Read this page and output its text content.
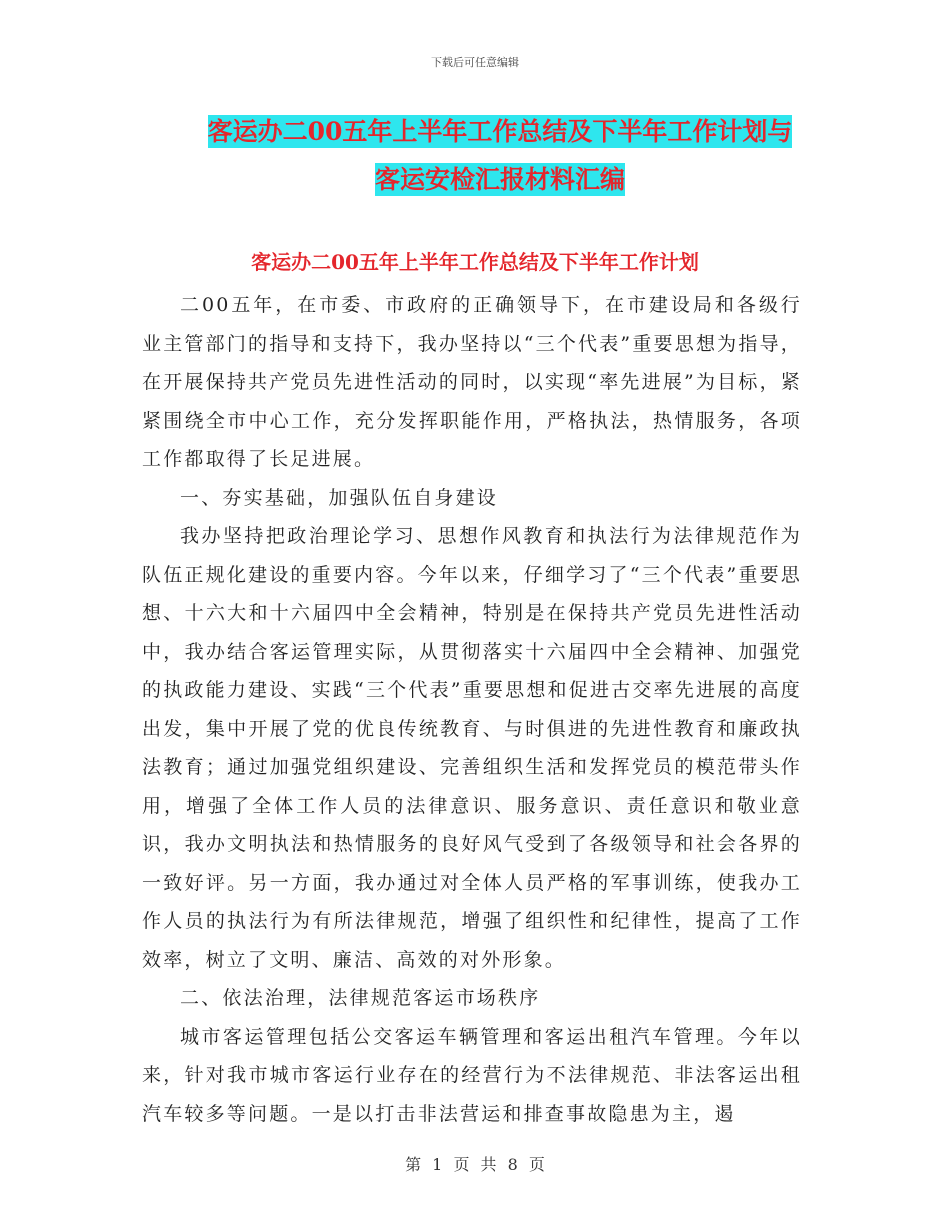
下载后可任意编辑
客运办二00五年上半年工作总结及下半年工作计划与
客运安检汇报材料汇编
客运办二00五年上半年工作总结及下半年工作计划

二00五年，在市委、市政府的正确领导下，在市建设局和各级行业主管部门的指导和支持下，我办坚持以“三个代表”重要思想为指导，在开展保持共产党员先进性活动的同时，以实现“率先进展”为目标，紧紧围绕全市中心工作，充分发挥职能作用，严格执法，热情服务，各项工作都取得了长足进展。

一、夯实基础，加强队伍自身建设

我办坚持把政治理论学习、思想作风教育和执法行为法律规范作为队伍正规化建设的重要内容。今年以来，仔细学习了“三个代表”重要思想、十六大和十六届四中全会精神，特别是在保持共产党员先进性活动中，我办结合客运管理实际，从贯彻落实十六届四中全会精神、加强党的执政能力建设、实践“三个代表”重要思想和促进古交率先进展的高度出发，集中开展了党的优良传统教育、与时俱进的先进性教育和廉政执法教育；通过加强党组织建设、完善组织生活和发挥党员的模范带头作用，增强了全体工作人员的法律意识、服务意识、责任意识和敬业意识，我办文明执法和热情服务的良好风气受到了各级领导和社会各界的一致好评。另一方面，我办通过对全体人员严格的军事训练，使我办工作人员的执法行为有所法律规范，增强了组织性和纪律性，提高了工作效率，树立了文明、廉洁、高效的对外形象。

二、依法治理，法律规范客运市场秩序

城市客运管理包括公交客运车辆管理和客运出租汽车管理。今年以来，针对我市城市客运行业存在的经营行为不法律规范、非法客运出租汽车较多等问题。一是以打击非法营运和排查事故隐患为主，遏

第 1 页 共 8 页
